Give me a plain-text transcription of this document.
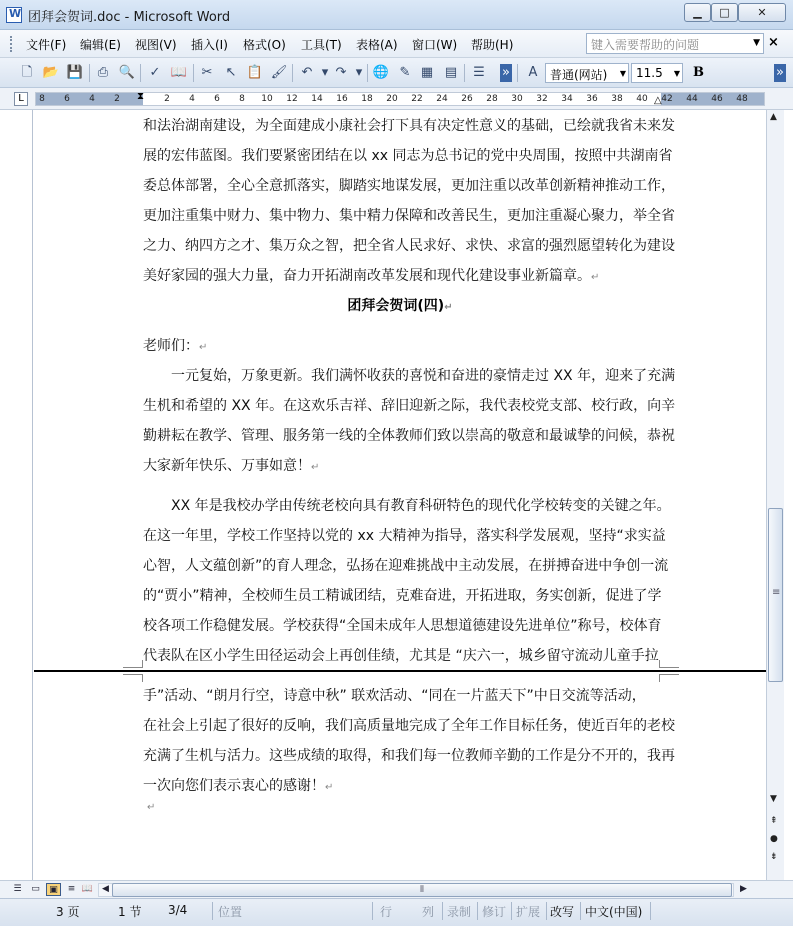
W
团拜会贺词.doc - Microsoft Word	▁	□	✕
文件(F) 编辑(E) 视图(V) 插入(I) 格式(O) 工具(T) 表格(A) 窗口(W) 帮助(H)	键入需要帮助的问题	▼ ×
🗋 📂 💾 ⎙ 🔍 ✓ 📖 ✂ ↖ 📋 🖌 ↶ ▾ ↷ ▾ 🌐 ✎ ▦ ▤ ☰ »	A	普通(网站) ▼ 11.5 ▼ B	»
L	8 6 4 2	2 4 6 8 10 12 14 16 18 20 22 24 26 28 30 32 34 36 38 40 42 44 46 48
⧗	△
和法治湖南建设，为全面建成小康社会打下具有决定性意义的基础，已绘就我省未来发
展的宏伟蓝图。我们要紧密团结在以 xx 同志为总书记的党中央周围，按照中共湖南省
委总体部署，全心全意抓落实，脚踏实地谋发展，更加注重以改革创新精神推动工作，
更加注重集中财力、集中物力、集中精力保障和改善民生，更加注重凝心聚力，举全省
之力、纳四方之才、集万众之智，把全省人民求好、求快、求富的强烈愿望转化为建设
美好家园的强大力量，奋力开拓湖南改革发展和现代化建设事业新篇章。↵
团拜会贺词(四)↵
老师们：↵
　　一元复始，万象更新。我们满怀收获的喜悦和奋进的豪情走过 XX 年，迎来了充满
生机和希望的 XX 年。在这欢乐吉祥、辞旧迎新之际，我代表校党支部、校行政，向辛
勤耕耘在教学、管理、服务第一线的全体教师们致以崇高的敬意和最诚挚的问候，恭祝
大家新年快乐、万事如意！↵
　　XX 年是我校办学由传统老校向具有教育科研特色的现代化学校转变的关键之年。
在这一年里，学校工作坚持以党的 xx 大精神为指导，落实科学发展观，坚持“求实益
心智，人文蕴创新”的育人理念，弘扬在迎难挑战中主动发展，在拼搏奋进中争创一流
的“贾小”精神，全校师生员工精诚团结，克难奋进，开拓进取，务实创新，促进了学
校各项工作稳健发展。学校获得“全国未成年人思想道德建设先进单位”称号，校体育
代表队在区小学生田径运动会上再创佳绩，尤其是 “庆六一，城乡留守流动儿童手拉
手”活动、“朗月行空，诗意中秋” 联欢活动、“同在一片蓝天下”中日交流等活动，
在社会上引起了很好的反响，我们高质量地完成了全年工作目标任务，使近百年的老校
充满了生机与活力。这些成绩的取得，和我们每一位教师辛勤的工作是分不开的，我再
一次向您们表示衷心的感谢！↵
↵
▲
≡
▼
⇞
●
⇟
☰	▭	▣	≡ 📖 ◀	⦀	▶
3 页	1 节 3/4	位置	行 列 录制 修订 扩展 改写 中文(中国)
